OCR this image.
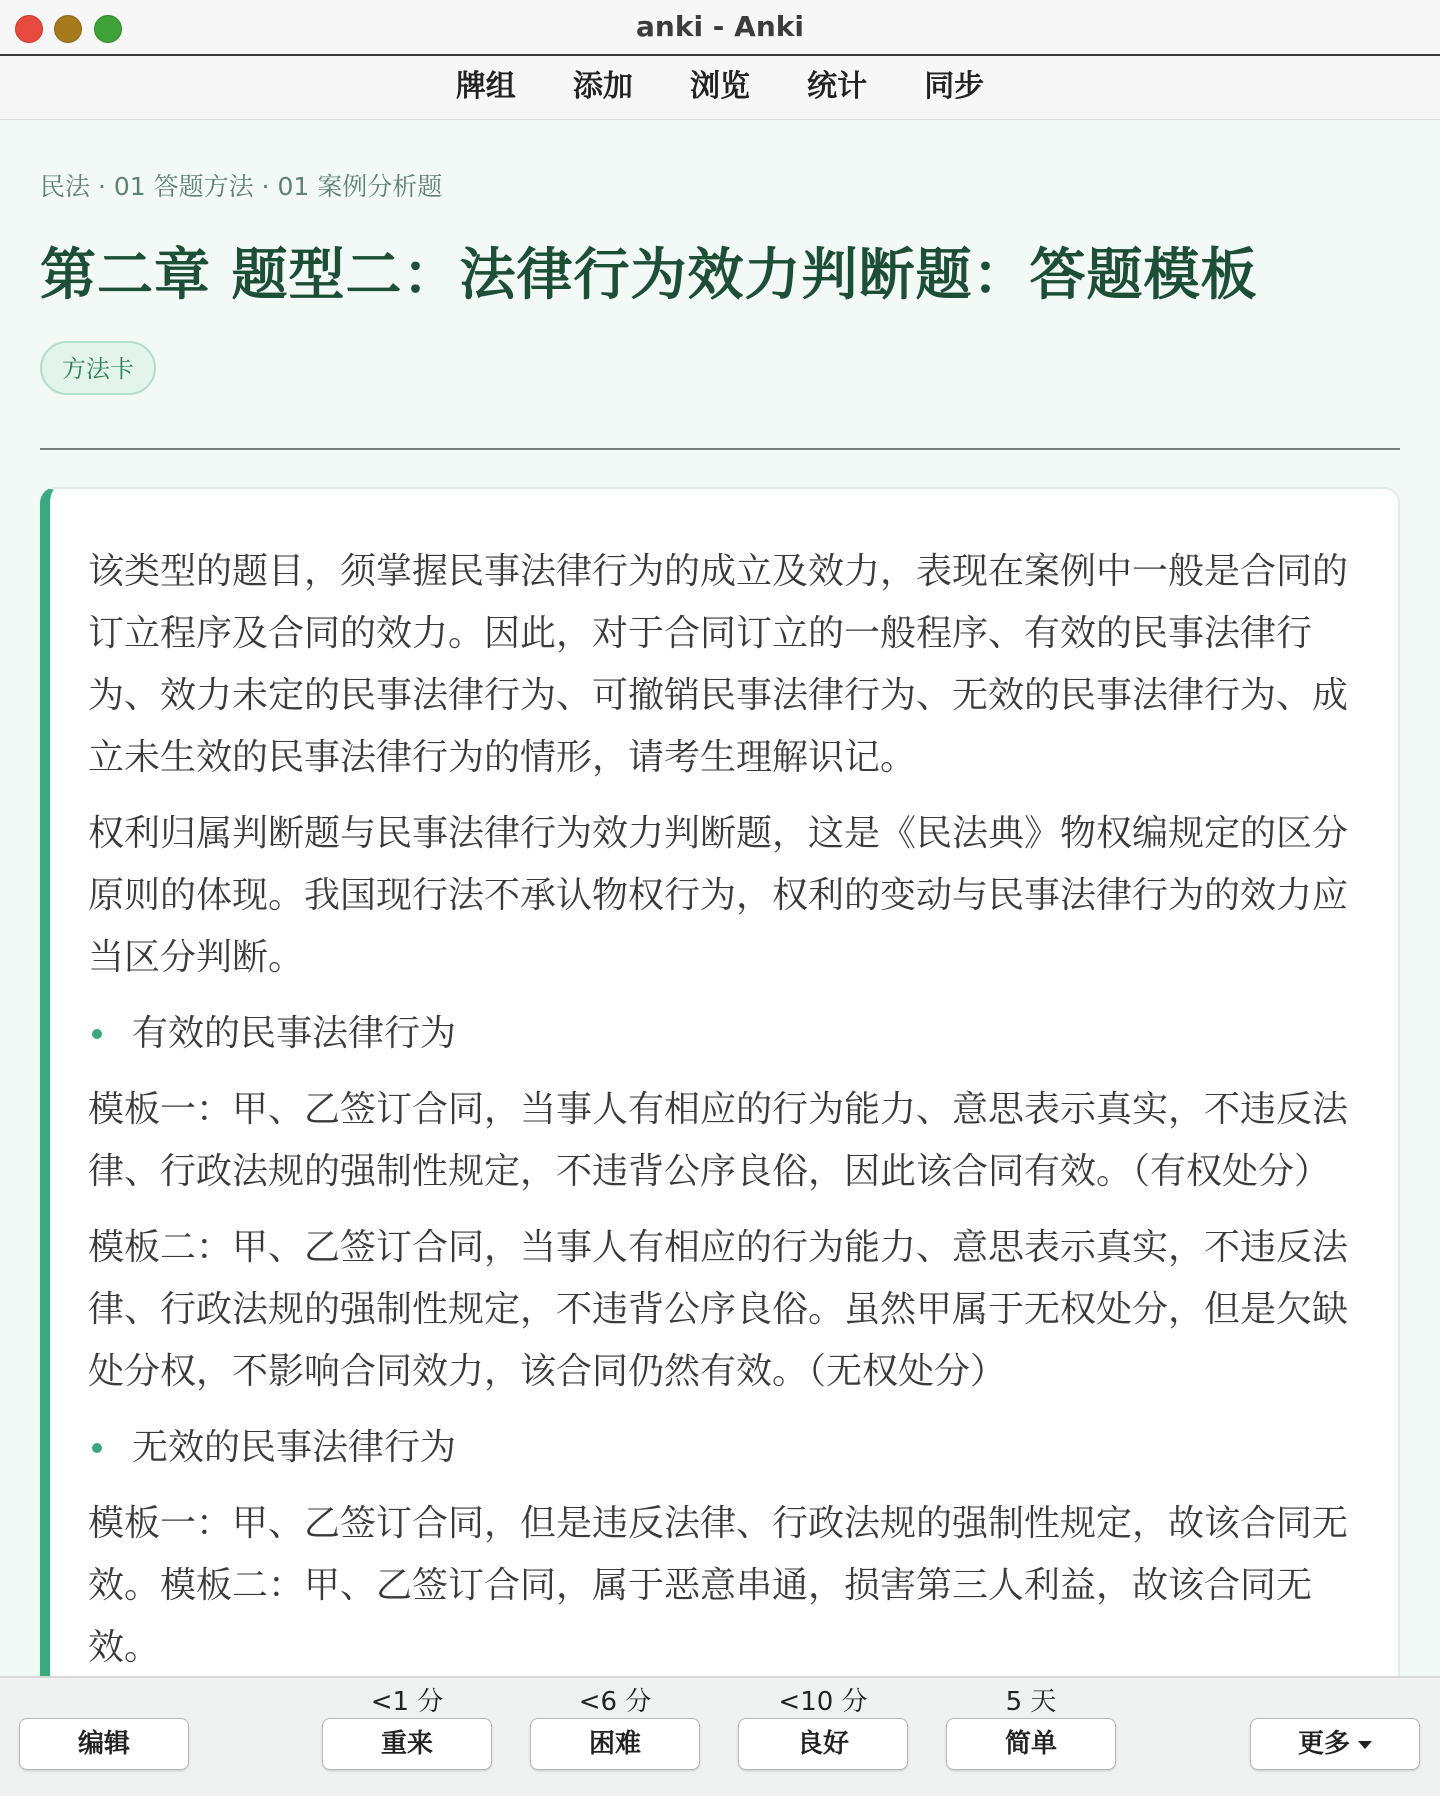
anki - Anki
牌组 添加 浏览 统计 同步
民法 · 01 答题方法 · 01 案例分析题
第二章 题型二：法律行为效力判断题：答题模板
方法卡

该类型的题目，须掌握民事法律行为的成立及效力，表现在案例中一般是合同的订立程序及合同的效力。因此，对于合同订立的一般程序、有效的民事法律行为、效力未定的民事法律行为、可撤销民事法律行为、无效的民事法律行为、成立未生效的民事法律行为的情形，请考生理解识记。

权利归属判断题与民事法律行为效力判断题，这是《民法典》物权编规定的区分原则的体现。我国现行法不承认物权行为，权利的变动与民事法律行为的效力应当区分判断。

有效的民事法律行为

模板一：甲、乙签订合同，当事人有相应的行为能力、意思表示真实，不违反法律、行政法规的强制性规定，不违背公序良俗，因此该合同有效。（有权处分）

模板二：甲、乙签订合同，当事人有相应的行为能力、意思表示真实，不违反法律、行政法规的强制性规定，不违背公序良俗。虽然甲属于无权处分，但是欠缺处分权，不影响合同效力，该合同仍然有效。（无权处分）

无效的民事法律行为

模板一：甲、乙签订合同，但是违反法律、行政法规的强制性规定，故该合同无效。模板二：甲、乙签订合同，属于恶意串通，损害第三人利益，故该合同无效。

编辑
<1 分
重来
<6 分
困难
<10 分
良好
5 天
简单	更多
